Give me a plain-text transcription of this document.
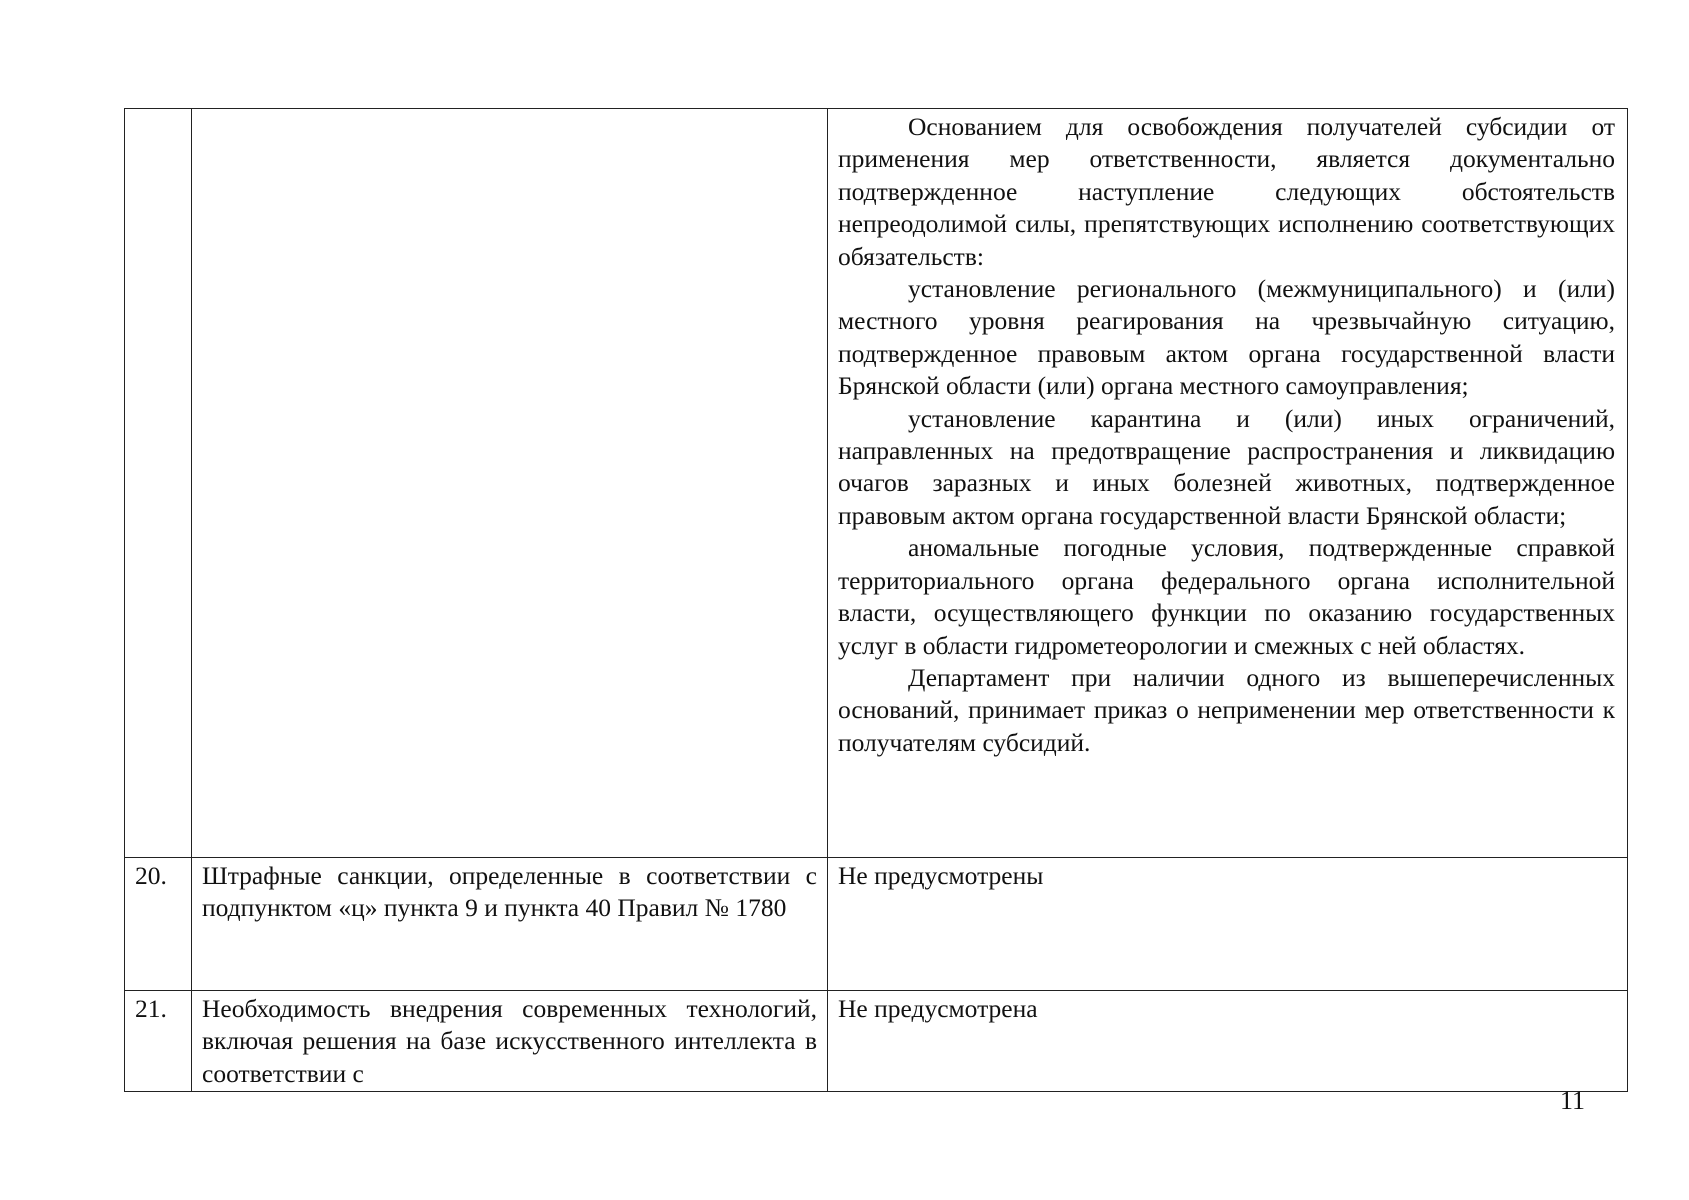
		Основанием для освобождения получателей субсидии от применения мер ответственности, является документально подтвержденное наступление следующих обстоятельств непреодолимой силы, препятствующих исполнению соответствующих обязательств:

установление регионального (межмуниципального) и (или) местного уровня реагирования на чрезвычайную ситуацию, подтвержденное правовым актом органа государственной власти Брянской области (или) органа местного самоуправления;

установление карантина и (или) иных ограничений, направленных на предотвращение распространения и ликвидацию очагов заразных и иных болезней животных, подтвержденное правовым актом органа государственной власти Брянской области;

аномальные погодные условия, подтвержденные справкой территориального органа федерального органа исполнительной власти, осуществляющего функции по оказанию государственных услуг в области гидрометеорологии и смежных с ней областях.

Департамент при наличии одного из вышеперечисленных оснований, принимает приказ о неприменении мер ответственности к получателям субсидий.

20.	Штрафные санкции, определенные в соответствии с подпунктом «ц» пункта 9 и пункта 40 Правил № 1780	Не предусмотрены
21.	Необходимость внедрения современных технологий, включая решения на базе искусственного интеллекта в соответствии с	Не предусмотрена
11
